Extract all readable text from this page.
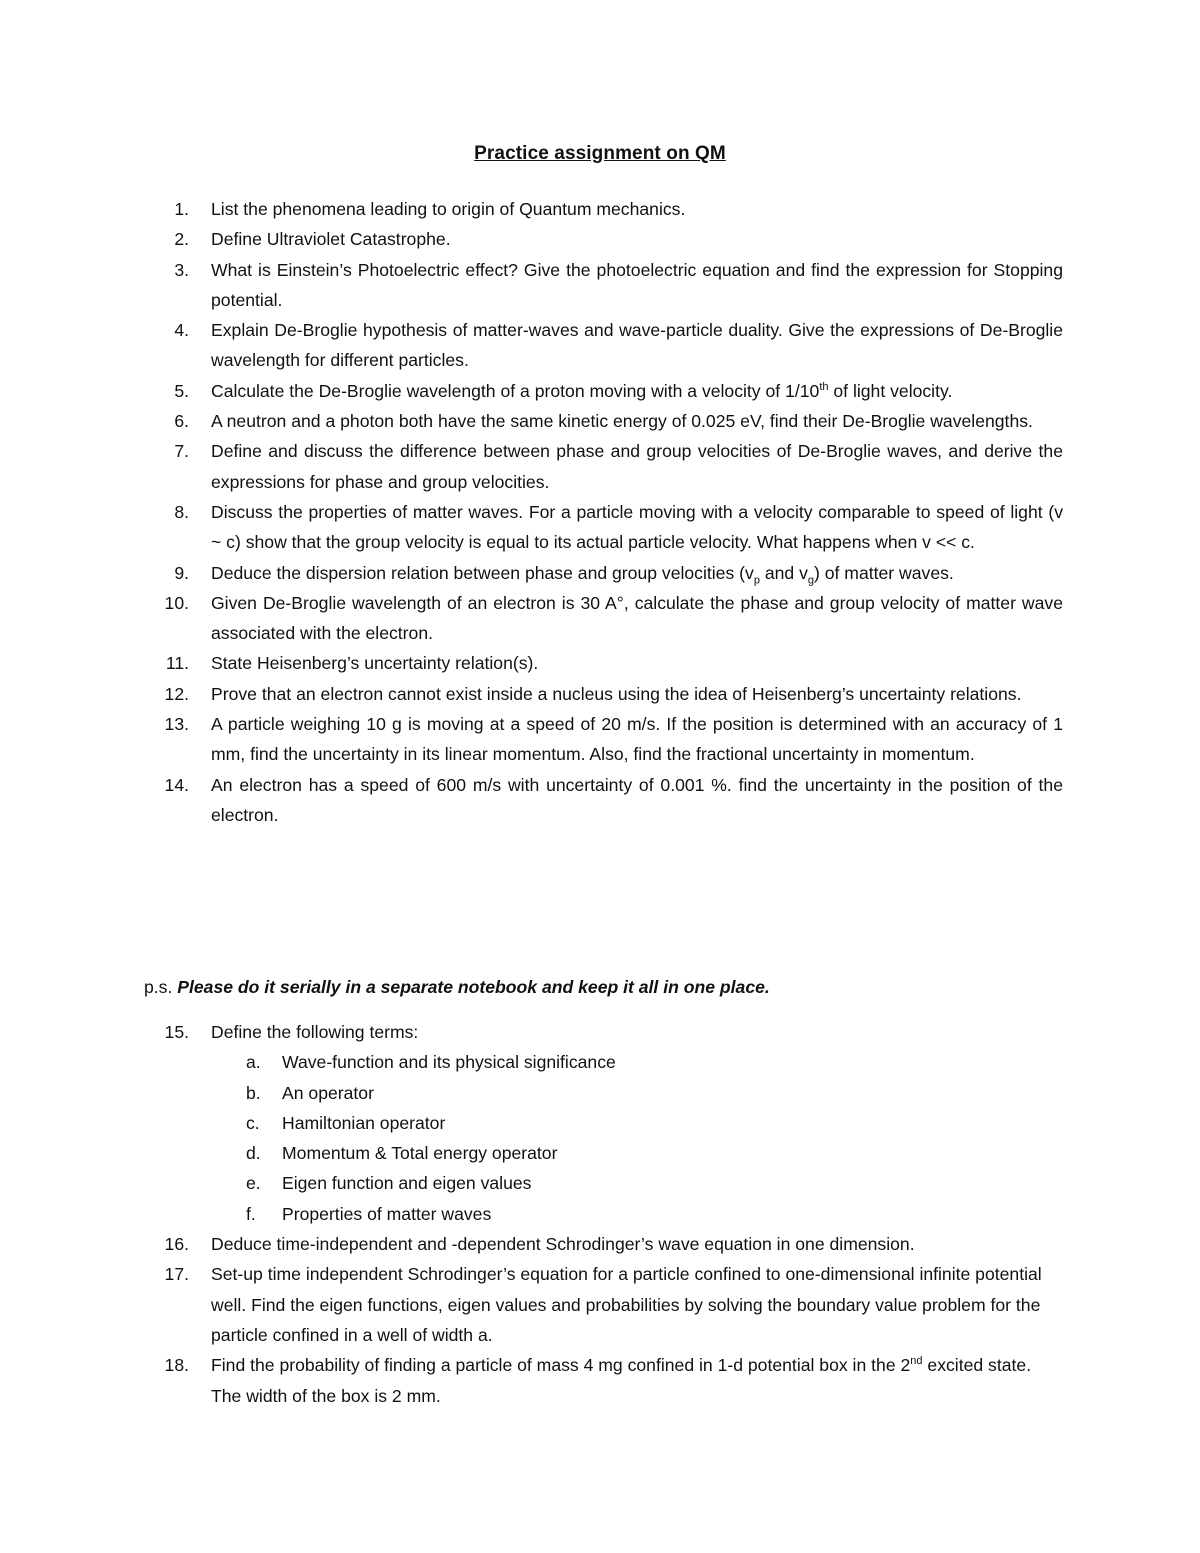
Practice assignment on QM
1. List the phenomena leading to origin of Quantum mechanics.
2. Define Ultraviolet Catastrophe.
3. What is Einstein’s Photoelectric effect? Give the photoelectric equation and find the expression for Stopping potential.
4. Explain De-Broglie hypothesis of matter-waves and wave-particle duality. Give the expressions of De-Broglie wavelength for different particles.
5. Calculate the De-Broglie wavelength of a proton moving with a velocity of 1/10th of light velocity.
6. A neutron and a photon both have the same kinetic energy of 0.025 eV, find their De-Broglie wavelengths.
7. Define and discuss the difference between phase and group velocities of De-Broglie waves, and derive the expressions for phase and group velocities.
8. Discuss the properties of matter waves. For a particle moving with a velocity comparable to speed of light (v ~ c) show that the group velocity is equal to its actual particle velocity. What happens when v << c.
9. Deduce the dispersion relation between phase and group velocities ($v_p$ and $v_g$) of matter waves.
10. Given De-Broglie wavelength of an electron is 30 A°, calculate the phase and group velocity of matter wave associated with the electron.
11. State Heisenberg’s uncertainty relation(s).
12. Prove that an electron cannot exist inside a nucleus using the idea of Heisenberg’s uncertainty relations.
13. A particle weighing 10 g is moving at a speed of 20 m/s. If the position is determined with an accuracy of 1 mm, find the uncertainty in its linear momentum. Also, find the fractional uncertainty in momentum.
14. An electron has a speed of 600 m/s with uncertainty of 0.001 %. find the uncertainty in the position of the electron.
p.s. Please do it serially in a separate notebook and keep it all in one place.
15. Define the following terms:
a. Wave-function and its physical significance
b. An operator
c. Hamiltonian operator
d. Momentum & Total energy operator
e. Eigen function and eigen values
f. Properties of matter waves
16. Deduce time-independent and -dependent Schrodinger’s wave equation in one dimension.
17. Set-up time independent Schrodinger’s equation for a particle confined to one-dimensional infinite potential well. Find the eigen functions, eigen values and probabilities by solving the boundary value problem for the particle confined in a well of width a.
18. Find the probability of finding a particle of mass 4 mg confined in 1-d potential box in the 2nd excited state. The width of the box is 2 mm.
